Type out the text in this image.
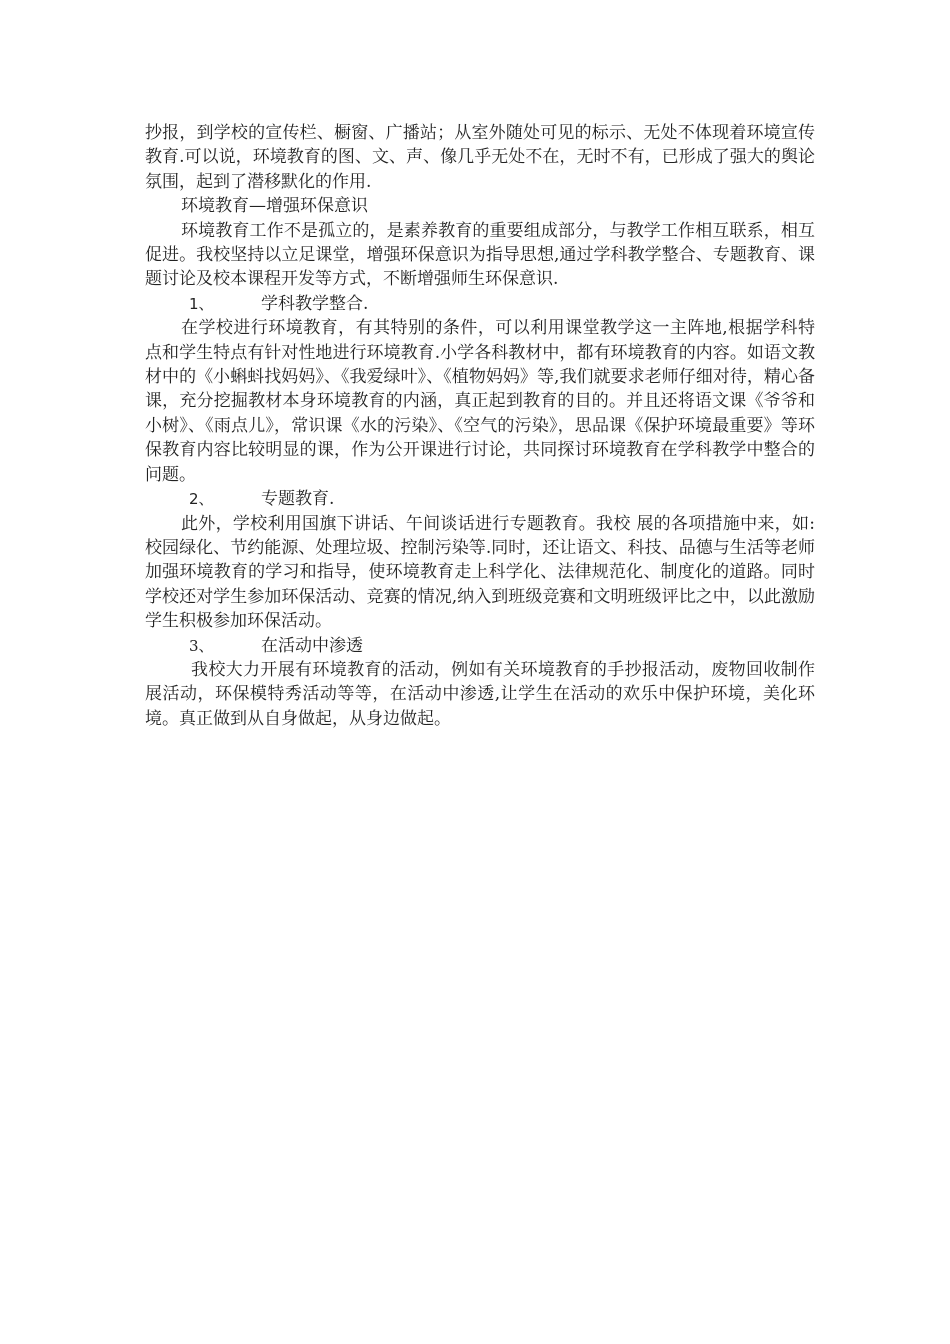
抄报，到学校的宣传栏、橱窗、广播站；从室外随处可见的标示、无处不体现着环境宣传教育.可以说，环境教育的图、文、声、像几乎无处不在，无时不有，已形成了强大的舆论氛围，起到了潜移默化的作用.

环境教育—增强环保意识

环境教育工作不是孤立的，是素养教育的重要组成部分，与教学工作相互联系，相互促进。我校坚持以立足课堂，增强环保意识为指导思想,通过学科教学整合、专题教育、课题讨论及校本课程开发等方式，不断增强师生环保意识.

1、	学科教学整合.

在学校进行环境教育，有其特别的条件，可以利用课堂教学这一主阵地,根据学科特点和学生特点有针对性地进行环境教育.小学各科教材中，都有环境教育的内容。如语文教材中的《小蝌蚪找妈妈》、《我爱绿叶》、《植物妈妈》等,我们就要求老师仔细对待，精心备课，充分挖掘教材本身环境教育的内涵，真正起到教育的目的。并且还将语文课《爷爷和小树》、《雨点儿》，常识课《水的污染》、《空气的污染》，思品课《保护环境最重要》等环保教育内容比较明显的课，作为公开课进行讨论，共同探讨环境教育在学科教学中整合的问题。

2、	专题教育.

此外，学校利用国旗下讲话、午间谈话进行专题教育。我校 展的各项措施中来，如:校园绿化、节约能源、处理垃圾、控制污染等.同时，还让语文、科技、品德与生活等老师加强环境教育的学习和指导，使环境教育走上科学化、法律规范化、制度化的道路。同时学校还对学生参加环保活动、竞赛的情况,纳入到班级竞赛和文明班级评比之中，以此激励学生积极参加环保活动。

3、	在活动中渗透

我校大力开展有环境教育的活动，例如有关环境教育的手抄报活动，废物回收制作展活动，环保模特秀活动等等，在活动中渗透,让学生在活动的欢乐中保护环境，美化环境。真正做到从自身做起，从身边做起。
